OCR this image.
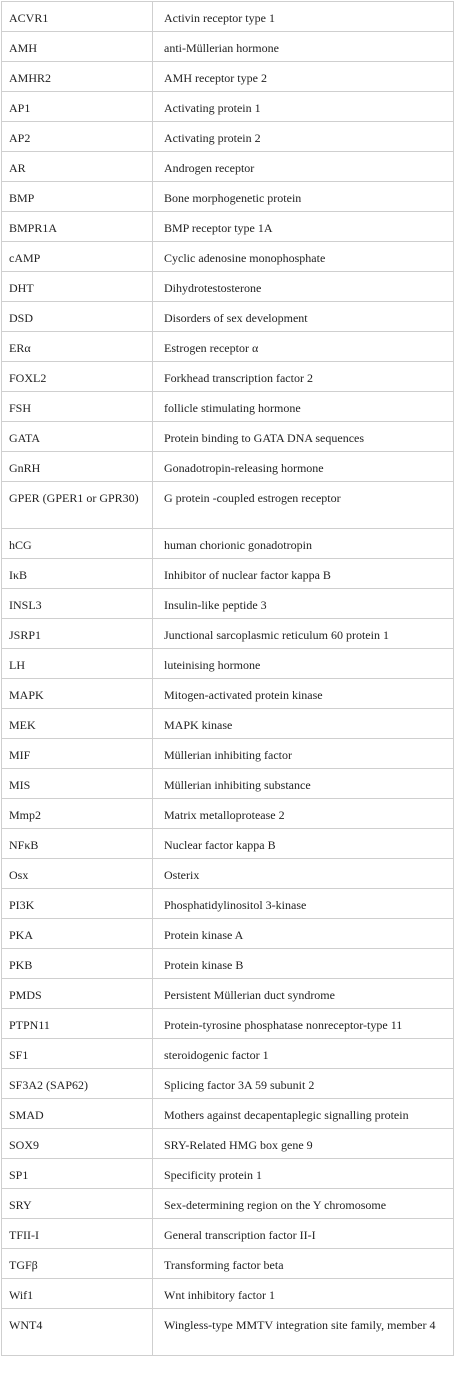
ACVR1	Activin receptor type 1
AMH	anti-Müllerian hormone
AMHR2	AMH receptor type 2
AP1	Activating protein 1
AP2	Activating protein 2
AR	Androgen receptor
BMP	Bone morphogenetic protein
BMPR1A	BMP receptor type 1A
cAMP	Cyclic adenosine monophosphate
DHT	Dihydrotestosterone
DSD	Disorders of sex development
ERα	Estrogen receptor α
FOXL2	Forkhead transcription factor 2
FSH	follicle stimulating hormone
GATA	Protein binding to GATA DNA sequences
GnRH	Gonadotropin-releasing hormone
GPER (GPER1 or GPR30)	G protein -coupled estrogen receptor
hCG	human chorionic gonadotropin
IκB	Inhibitor of nuclear factor kappa B
INSL3	Insulin-like peptide 3
JSRP1	Junctional sarcoplasmic reticulum 60 protein 1
LH	luteinising hormone
MAPK	Mitogen-activated protein kinase
MEK	MAPK kinase
MIF	Müllerian inhibiting factor
MIS	Müllerian inhibiting substance
Mmp2	Matrix metalloprotease 2
NFκB	Nuclear factor kappa B
Osx	Osterix
PI3K	Phosphatidylinositol 3-kinase
PKA	Protein kinase A
PKB	Protein kinase B
PMDS	Persistent Müllerian duct syndrome
PTPN11	Protein-tyrosine phosphatase nonreceptor-type 11
SF1	steroidogenic factor 1
SF3A2 (SAP62)	Splicing factor 3A 59 subunit 2
SMAD	Mothers against decapentaplegic signalling protein
SOX9	SRY-Related HMG box gene 9
SP1	Specificity protein 1
SRY	Sex-determining region on the Y chromosome
TFII-I	General transcription factor II-I
TGFβ	Transforming factor beta
Wif1	Wnt inhibitory factor 1
WNT4	Wingless-type MMTV integration site family, member 4
